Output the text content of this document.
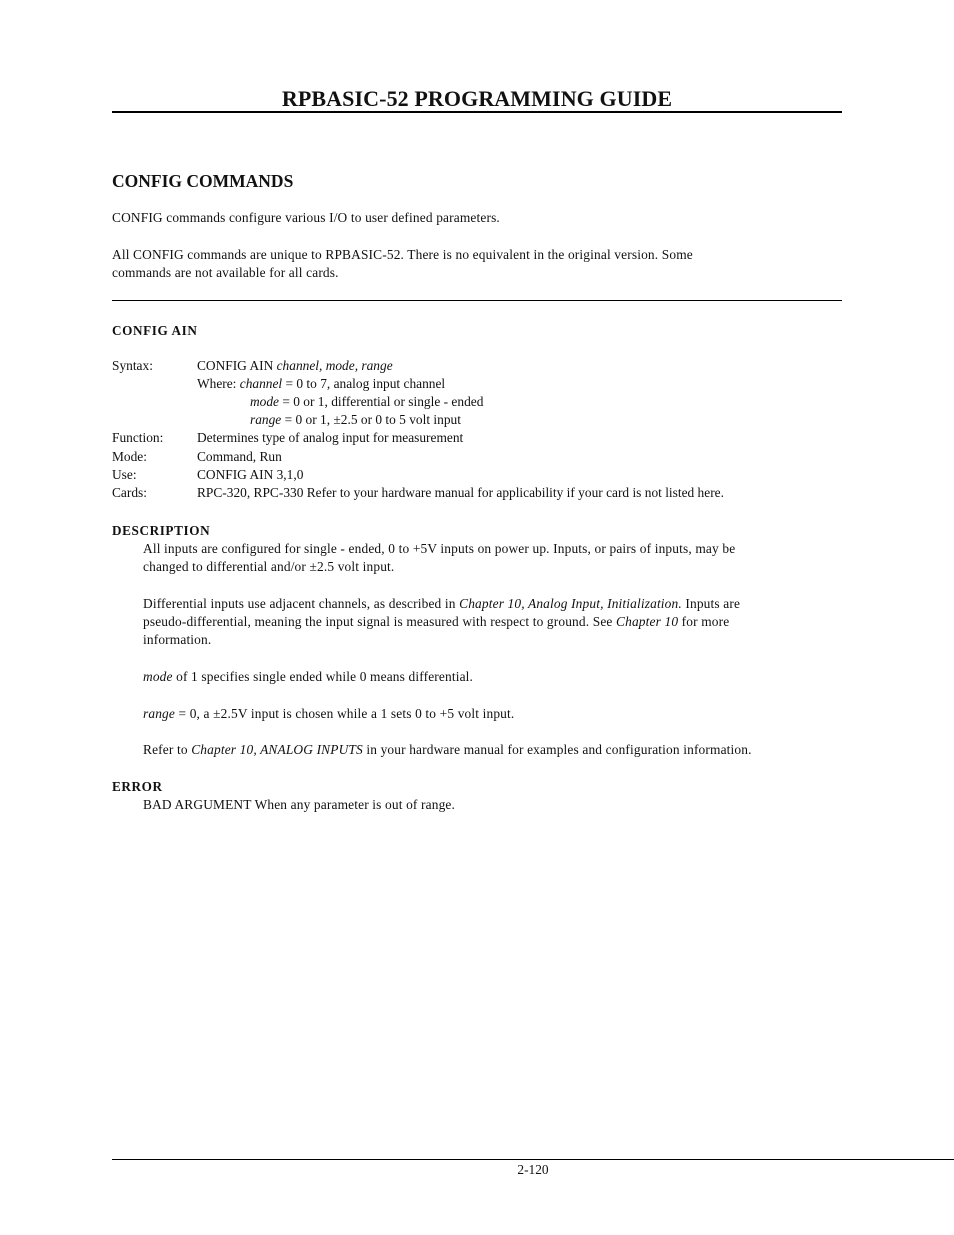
RPBASIC-52 PROGRAMMING GUIDE
CONFIG COMMANDS
CONFIG commands configure various I/O to user defined parameters.
All CONFIG commands are unique to RPBASIC-52. There is no equivalent in the original version. Some
commands are not available for all cards.
CONFIG AIN
Syntax:	CONFIG AIN channel, mode, range
Where: channel = 0 to 7, analog input channel
mode = 0 or 1, differential or single - ended
range = 0 or 1, ±2.5 or 0 to 5 volt input
Function:	Determines type of analog input for measurement
Mode:	Command, Run
Use:	CONFIG AIN 3,1,0
Cards:	RPC-320, RPC-330 Refer to your hardware manual for applicability if your card is not listed here.
DESCRIPTION
All inputs are configured for single - ended, 0 to +5V inputs on power up. Inputs, or pairs of inputs, may be
changed to differential and/or ±2.5 volt input.
Differential inputs use adjacent channels, as described in Chapter 10, Analog Input, Initialization. Inputs are
pseudo-differential, meaning the input signal is measured with respect to ground. See Chapter 10 for more
information.
mode of 1 specifies single ended while 0 means differential.
range = 0, a ±2.5V input is chosen while a 1 sets 0 to +5 volt input.
Refer to Chapter 10, ANALOG INPUTS in your hardware manual for examples and configuration information.
ERROR
BAD ARGUMENT When any parameter is out of range.
2-120
